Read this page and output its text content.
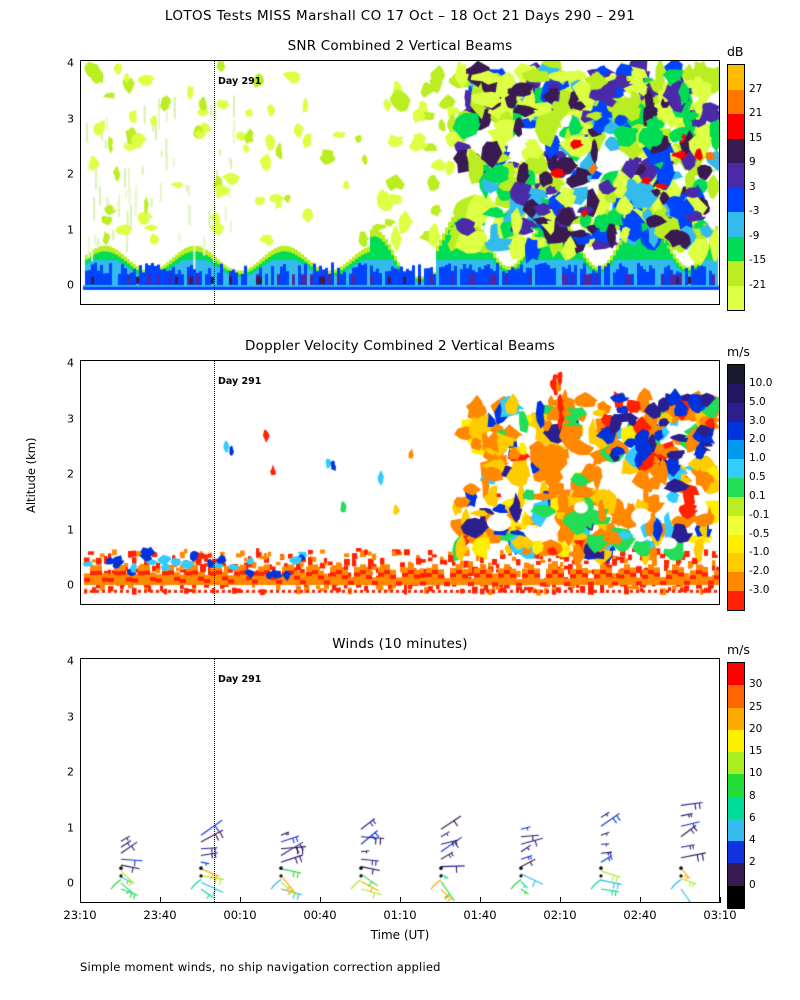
LOTOS Tests MISS Marshall CO 17 Oct – 18 Oct 21 Days 290 – 291
SNR Combined 2 Vertical Beams
4
3
2
1
0
Day 291
dB
27
21
15
9
3
-3
-9
-15
-21
Doppler Velocity Combined 2 Vertical Beams
4
3
2
1
0
Altitude (km)
Day 291
m/s
10.0
5.0
3.0
2.0
1.0
0.5
0.1
-0.1
-0.5
-1.0
-2.0
-3.0
Winds (10 minutes)
4
3
2
1
0
Day 291
23:10	23:40	00:10	00:40	01:10	01:40	02:10	02:40	03:10
Time (UT)
m/s
30
25
20
15
10
8
6
4
2
0
Simple moment winds, no ship navigation correction applied
